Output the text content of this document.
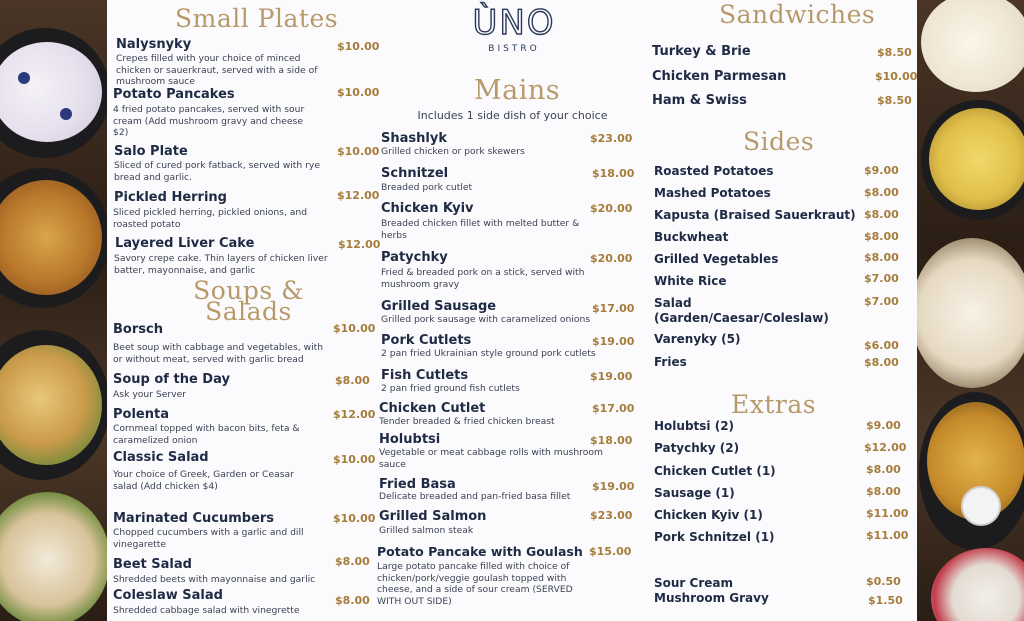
ÙNO
BISTRO
Small Plates
Soups & Salads
Mains
Includes 1 side dish of your choice
Sandwiches
Sides
Extras
Nalysnyky	$10.00
Crepes filled with your choice of minced chicken or sauerkraut, served with a side of mushroom sauce
Potato Pancakes	$10.00
4 fried potato pancakes, served with sour cream (Add mushroom gravy and cheese $2)
Salo Plate	$10.00
Sliced of cured pork fatback, served with rye bread and garlic.
Pickled Herring	$12.00
Sliced pickled herring, pickled onions, and roasted potato
Layered Liver Cake	$12.00
Savory crepe cake. Thin layers of chicken liver batter, mayonnaise, and garlic
Borsch	$10.00
Beet soup with cabbage and vegetables, with or without meat, served with garlic bread
Soup of the Day	$8.00
Ask your Server
Polenta	$12.00
Cornmeal topped with bacon bits, feta & caramelized onion
Classic Salad	$10.00
Your choice of Greek, Garden or Ceasar salad (Add chicken $4)
Marinated Cucumbers	$10.00
Chopped cucumbers with a garlic and dill vinegarette
Beet Salad	$8.00
Shredded beets with mayonnaise and garlic
Coleslaw Salad	$8.00
Shredded cabbage salad with vinegrette
Shashlyk	$23.00
Grilled chicken or pork skewers
Schnitzel	$18.00
Breaded pork cutlet
Chicken Kyiv	$20.00
Breaded chicken fillet with melted butter & herbs
Patychky	$20.00
Fried & breaded pork on a stick, served with mushroom gravy
Grilled Sausage	$17.00
Grilled pork sausage with caramelized onions
Pork Cutlets	$19.00
2 pan fried Ukrainian style ground pork cutlets
Fish Cutlets	$19.00
2 pan fried ground fish cutlets
Chicken Cutlet	$17.00
Tender breaded & fried chicken breast
Holubtsi	$18.00
Vegetable or meat cabbage rolls with mushroom sauce
Fried Basa	$19.00
Delicate breaded and pan-fried basa fillet
Grilled Salmon	$23.00
Grilled salmon steak
Potato Pancake with Goulash $15.00
Large potato pancake filled with choice of chicken/pork/veggie goulash topped with cheese, and a side of sour cream (SERVED WITH OUT SIDE)
Turkey & Brie	$8.50
Chicken Parmesan	$10.00
Ham & Swiss	$8.50
Roasted Potatoes	$9.00
Mashed Potatoes	$8.00
Kapusta (Braised Sauerkraut) $8.00
Buckwheat	$8.00
Grilled Vegetables	$8.00
White Rice	$7.00
Salad (Garden/Caesar/Coleslaw)
$7.00
Varenyky (5)	$6.00
Fries	$8.00
Holubtsi (2)	$9.00
Patychky (2)	$12.00
Chicken Cutlet (1)	$8.00
Sausage (1)	$8.00
Chicken Kyiv (1)	$11.00
Pork Schnitzel (1)	$11.00
Sour Cream	$0.50
Mushroom Gravy	$1.50
